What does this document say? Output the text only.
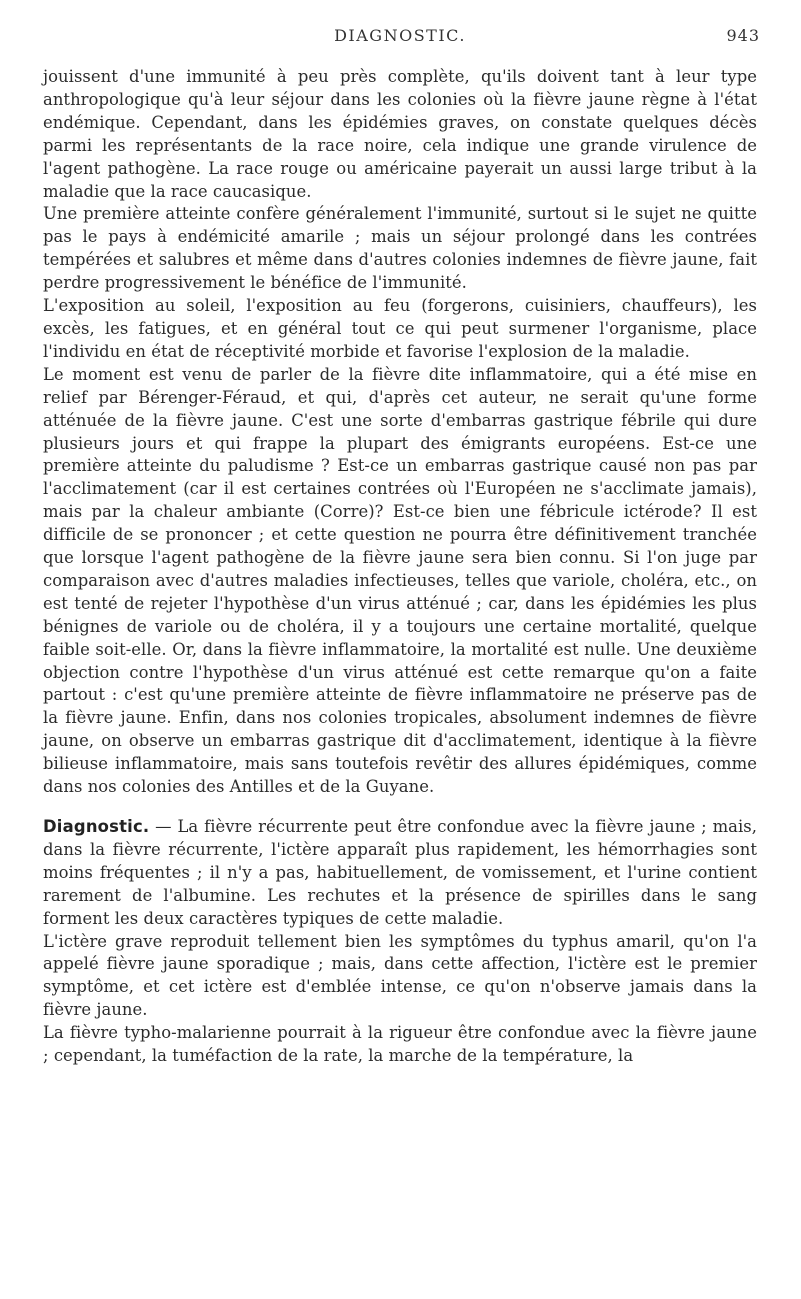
DIAGNOSTIC.	943

jouissent d'une immunité à peu près complète, qu'ils doivent tant à leur type anthropologique qu'à leur séjour dans les colonies où la fièvre jaune règne à l'état endémique. Cependant, dans les épidémies graves, on constate quelques décès parmi les représentants de la race noire, cela indique une grande virulence de l'agent pathogène. La race rouge ou américaine payerait un aussi large tribut à la maladie que la race caucasique.

Une première atteinte confère généralement l'immunité, surtout si le sujet ne quitte pas le pays à endémicité amarile ; mais un séjour prolongé dans les contrées tempérées et salubres et même dans d'autres colonies indemnes de fièvre jaune, fait perdre progressivement le bénéfice de l'immunité.

L'exposition au soleil, l'exposition au feu (forgerons, cuisiniers, chauffeurs), les excès, les fatigues, et en général tout ce qui peut surmener l'organisme, place l'individu en état de réceptivité morbide et favorise l'explosion de la maladie.

Le moment est venu de parler de la fièvre dite inflammatoire, qui a été mise en relief par Bérenger-Féraud, et qui, d'après cet auteur, ne serait qu'une forme atténuée de la fièvre jaune. C'est une sorte d'embarras gastrique fébrile qui dure plusieurs jours et qui frappe la plupart des émigrants européens. Est-ce une première atteinte du paludisme ? Est-ce un embarras gastrique causé non pas par l'acclimatement (car il est certaines contrées où l'Européen ne s'acclimate jamais), mais par la chaleur ambiante (Corre)? Est-ce bien une fébricule ictérode? Il est difficile de se prononcer ; et cette question ne pourra être définitivement tranchée que lorsque l'agent pathogène de la fièvre jaune sera bien connu. Si l'on juge par comparaison avec d'autres maladies infectieuses, telles que variole, choléra, etc., on est tenté de rejeter l'hypothèse d'un virus atténué ; car, dans les épidémies les plus bénignes de variole ou de choléra, il y a toujours une certaine mortalité, quelque faible soit-elle. Or, dans la fièvre inflammatoire, la mortalité est nulle. Une deuxième objection contre l'hypothèse d'un virus atténué est cette remarque qu'on a faite partout : c'est qu'une première atteinte de fièvre inflammatoire ne préserve pas de la fièvre jaune. Enfin, dans nos colonies tropicales, absolument indemnes de fièvre jaune, on observe un embarras gastrique dit d'acclimatement, identique à la fièvre bilieuse inflammatoire, mais sans toutefois revêtir des allures épidémiques, comme dans nos colonies des Antilles et de la Guyane.

Diagnostic. — La fièvre récurrente peut être confondue avec la fièvre jaune ; mais, dans la fièvre récurrente, l'ictère apparaît plus rapidement, les hémorrhagies sont moins fréquentes ; il n'y a pas, habituellement, de vomissement, et l'urine contient rarement de l'albumine. Les rechutes et la présence de spirilles dans le sang forment les deux caractères typiques de cette maladie.

L'ictère grave reproduit tellement bien les symptômes du typhus amaril, qu'on l'a appelé fièvre jaune sporadique ; mais, dans cette affection, l'ictère est le premier symptôme, et cet ictère est d'emblée intense, ce qu'on n'observe jamais dans la fièvre jaune.

La fièvre typho-malarienne pourrait à la rigueur être confondue avec la fièvre jaune ; cependant, la tuméfaction de la rate, la marche de la température, la
